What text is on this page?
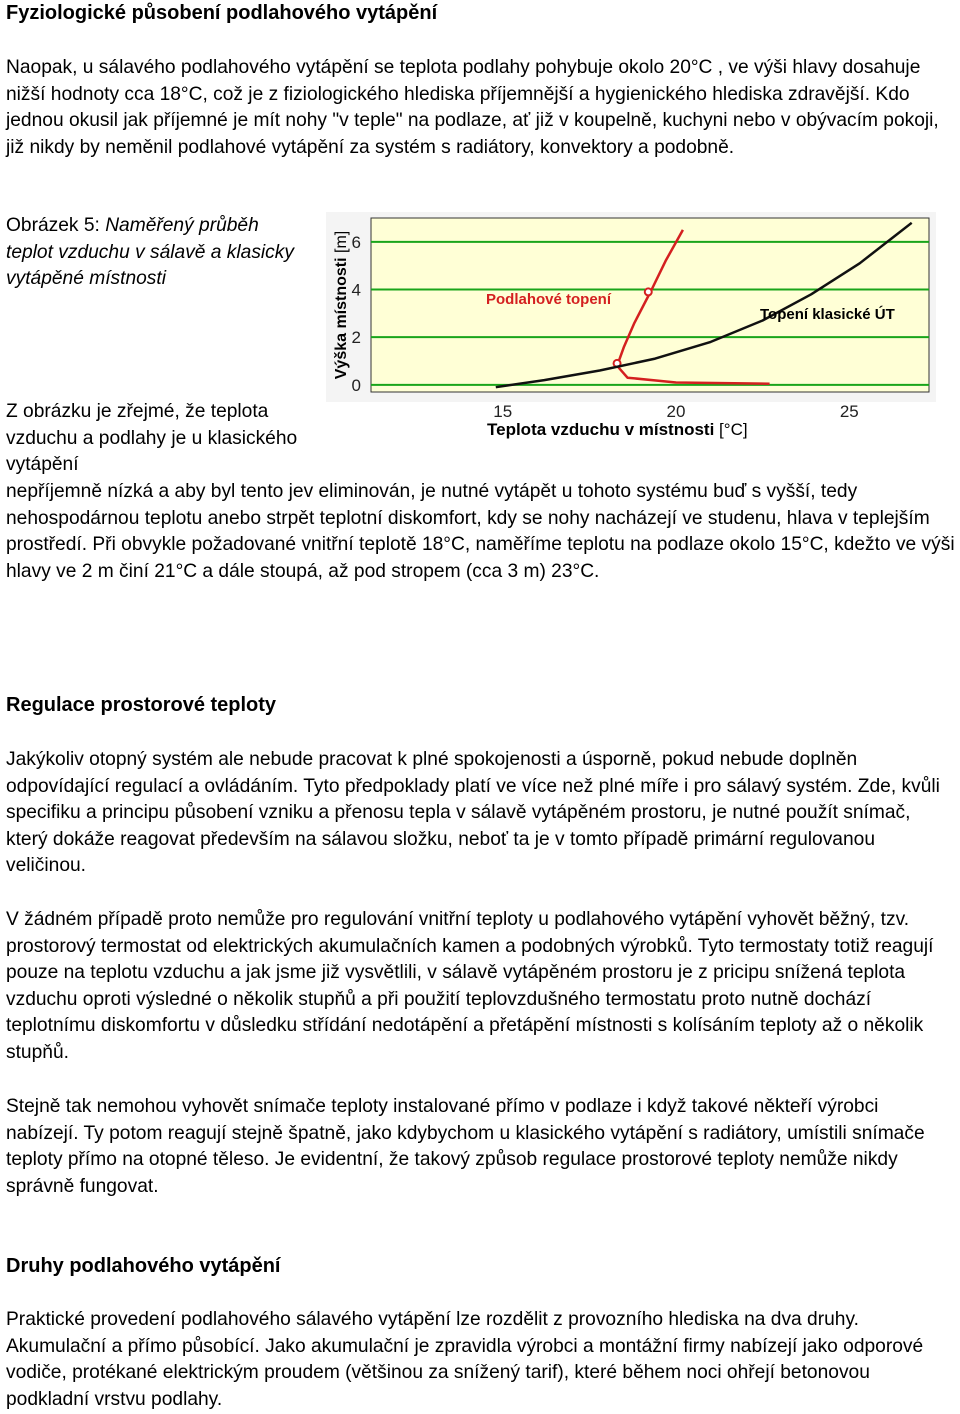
Fyziologické působení podlahového vytápění

Naopak, u sálavého podlahového vytápění se teplota podlahy pohybuje okolo 20°C , ve výši hlavy dosahuje nižší hodnoty cca 18°C, což je z fiziologického hlediska příjemnější a hygienického hlediska zdravější. Kdo jednou okusil jak příjemné je mít nohy "v teple" na podlaze, ať již v koupelně, kuchyni nebo v obývacím pokoji, již nikdy by neměnil podlahové vytápění za systém s radiátory, konvektory a podobně.

Obrázek 5: Naměřený průběh teplot vzduchu v sálavě a klasicky vytápěné místnosti
0
2
4
6
15	20	25
Podlahové topení
Topení klasické ÚT
Výška místnosti [m]
Teplota vzduchu v místnosti [°C]
Z obrázku je zřejmé, že teplota vzduchu a podlahy je u klasického vytápění
nepříjemně nízká a aby byl tento jev eliminován, je nutné vytápět u tohoto systému buď s vyšší, tedy nehospodárnou teplotu anebo strpět teplotní diskomfort, kdy se nohy nacházejí ve studenu, hlava v teplejším prostředí. Při obvykle požadované vnitřní teplotě 18°C, naměříme teplotu na podlaze okolo 15°C, kdežto ve výši hlavy ve 2 m činí 21°C a dále stoupá, až pod stropem (cca 3 m) 23°C.
Regulace prostorové teploty

Jakýkoliv otopný systém ale nebude pracovat k plné spokojenosti a úsporně, pokud nebude doplněn odpovídající regulací a ovládáním. Tyto předpoklady platí ve více než plné míře i pro sálavý systém. Zde, kvůli specifiku a principu působení vzniku a přenosu tepla v sálavě vytápěném prostoru, je nutné použít snímač, který dokáže reagovat především na sálavou složku, neboť ta je v tomto případě primární regulovanou veličinou.

V žádném případě proto nemůže pro regulování vnitřní teploty u podlahového vytápění vyhovět běžný, tzv. prostorový termostat od elektrických akumulačních kamen a podobných výrobků. Tyto termostaty totiž reagují pouze na teplotu vzduchu a jak jsme již vysvětlili, v sálavě vytápěném prostoru je z pricipu snížená teplota vzduchu oproti výsledné o několik stupňů a při použití teplovzdušného termostatu proto nutně dochází teplotnímu diskomfortu v důsledku střídání nedotápění a přetápění místnosti s kolísáním teploty až o několik stupňů.

Stejně tak nemohou vyhovět snímače teploty instalované přímo v podlaze i když takové někteří výrobci nabízejí. Ty potom reagují stejně špatně, jako kdybychom u klasického vytápění s radiátory, umístili snímače teploty přímo na otopné těleso. Je evidentní, že takový způsob regulace prostorové teploty nemůže nikdy správně fungovat.

Druhy podlahového vytápění

Praktické provedení podlahového sálavého vytápění lze rozdělit z provozního hlediska na dva druhy. Akumulační a přímo působící. Jako akumulační je zpravidla výrobci a montážní firmy nabízejí jako odporové vodiče, protékané elektrickým proudem (většinou za snížený tarif), které během noci ohřejí betonovou podkladní vrstvu podlahy.
